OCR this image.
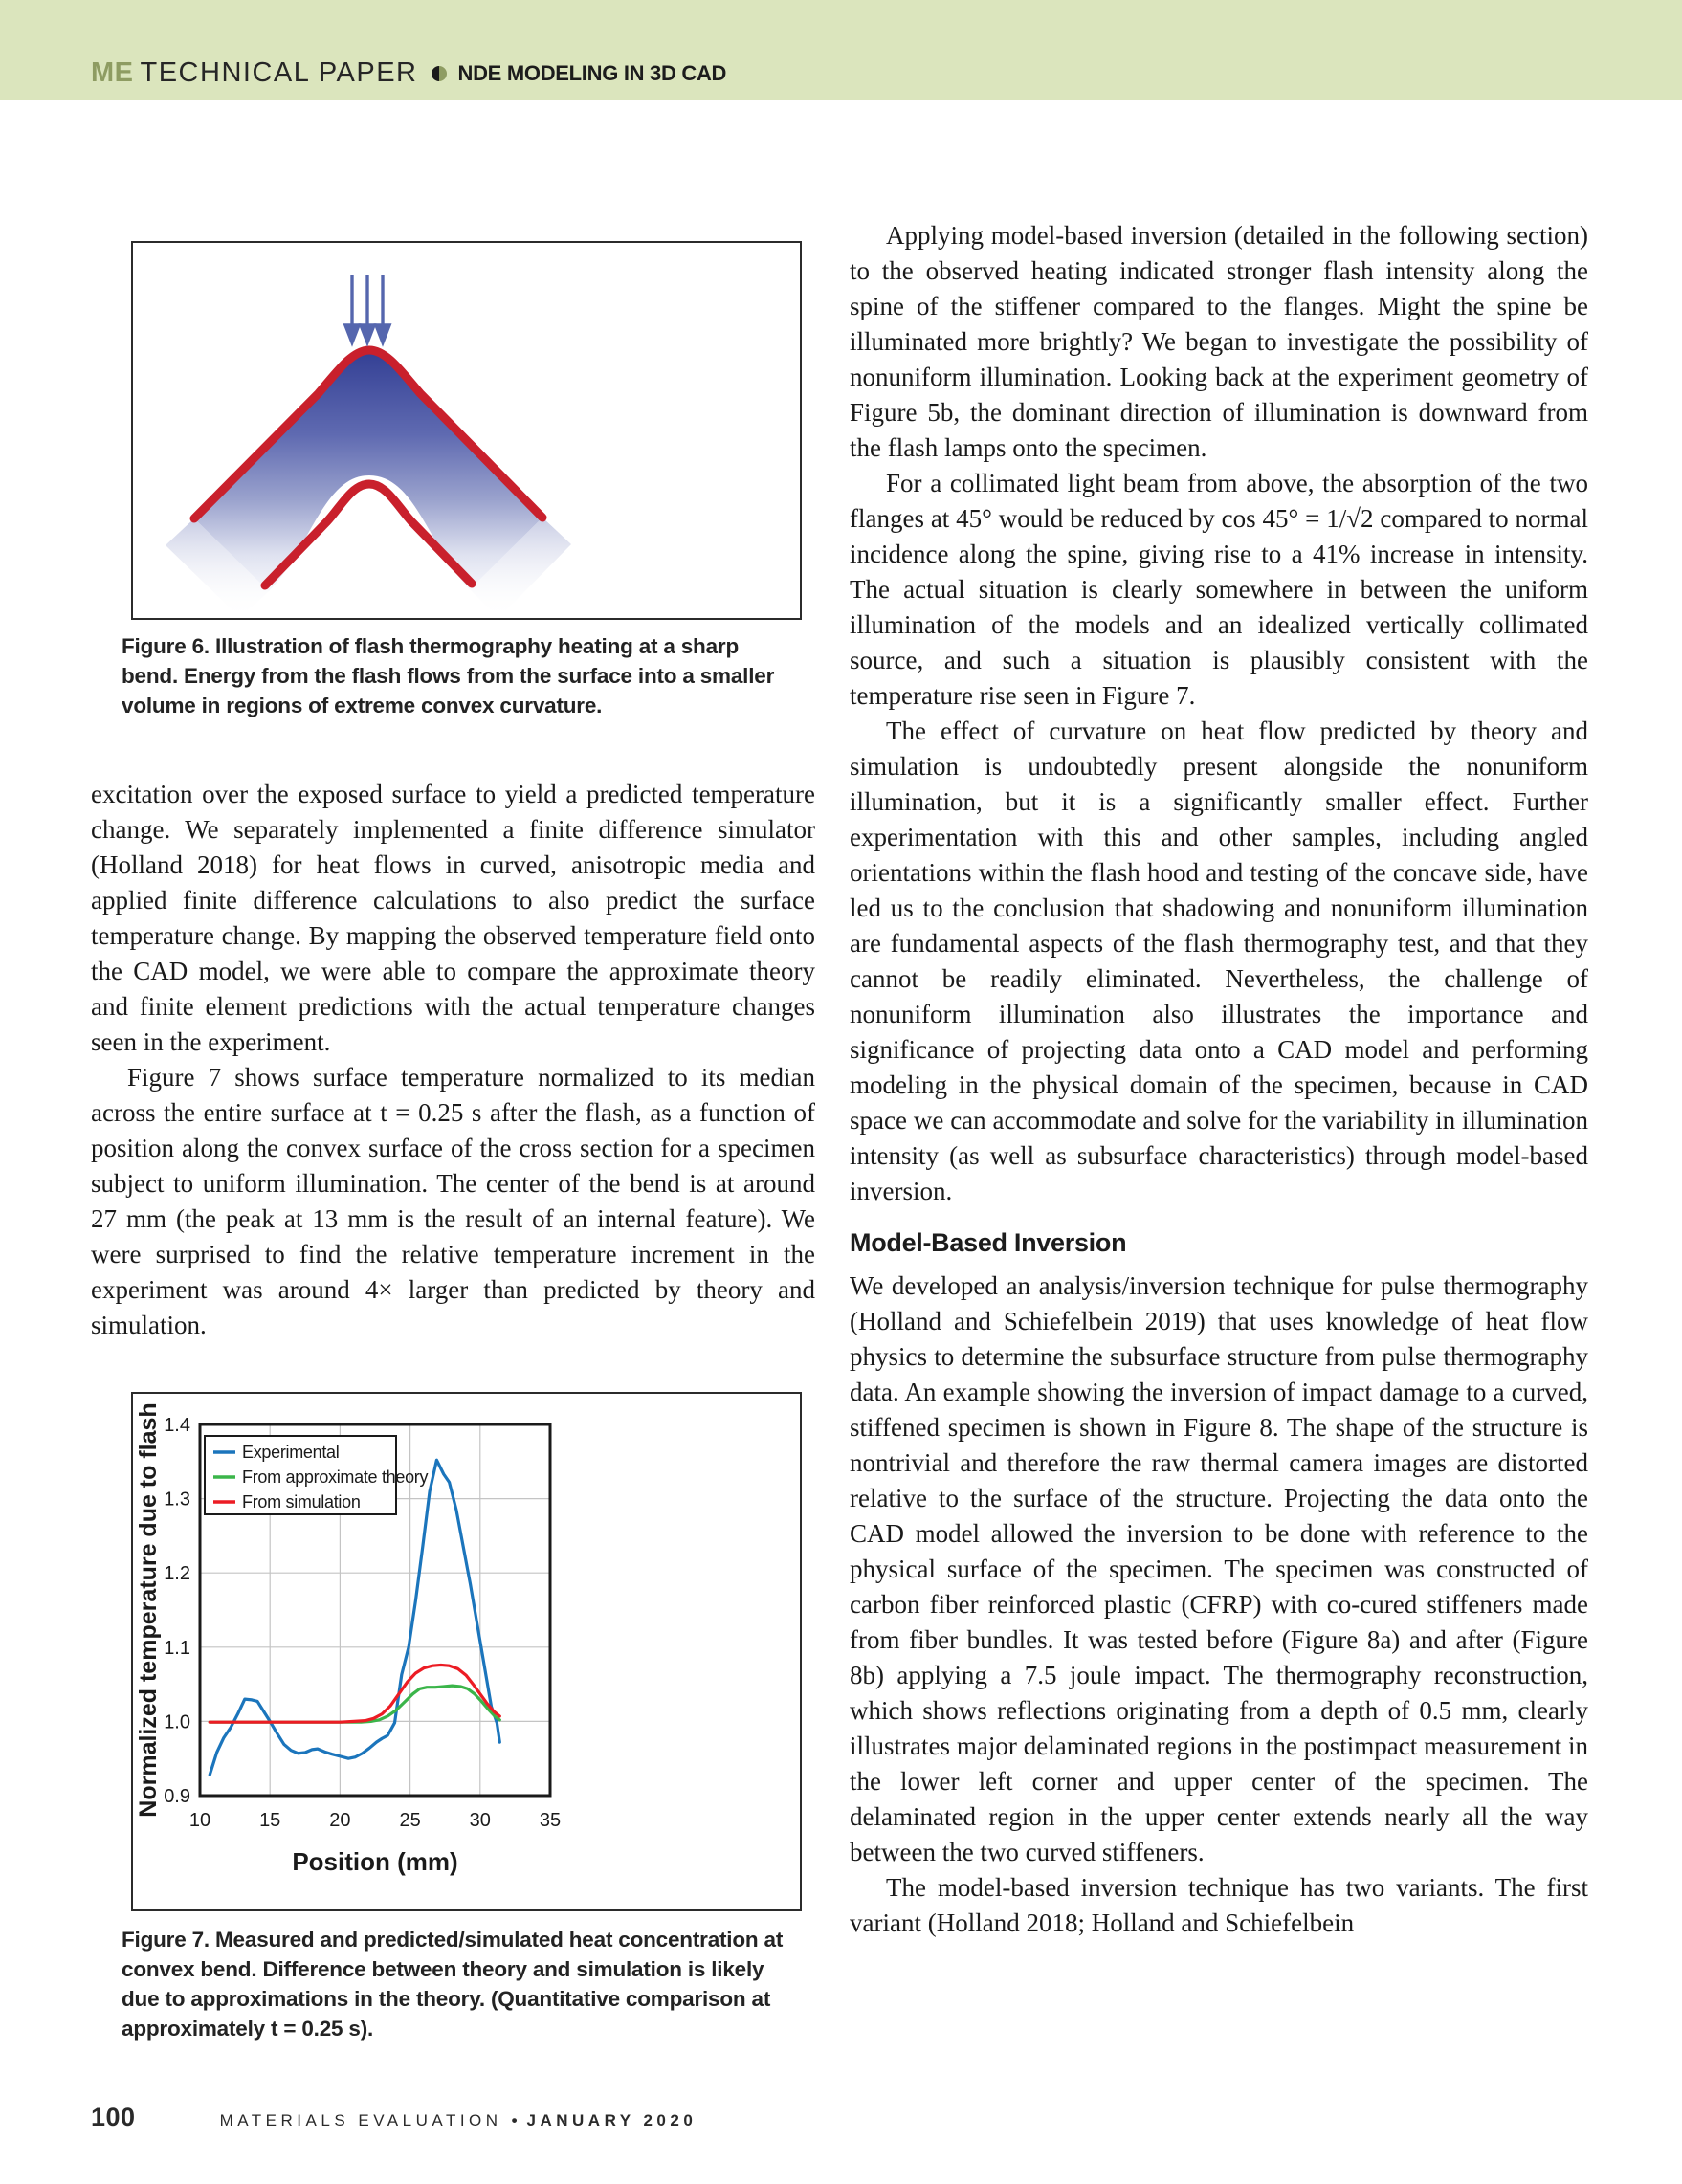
ME TECHNICAL PAPER NDE MODELING IN 3D CAD
Figure 6. Illustration of flash thermography heating at a sharp bend. Energy from the flash flows from the surface into a smaller volume in regions of extreme convex curvature.

excitation over the exposed surface to yield a predicted temperature change. We separately implemented a finite difference simulator (Holland 2018) for heat flows in curved, anisotropic media and applied finite difference calculations to also predict the surface temperature change. By mapping the observed temperature field onto the CAD model, we were able to compare the approximate theory and finite element predictions with the actual temperature changes seen in the experiment.

Figure 7 shows surface temperature normalized to its median across the entire surface at t = 0.25 s after the flash, as a function of position along the convex surface of the cross section for a specimen subject to uniform illumination. The center of the bend is at around 27 mm (the peak at 13 mm is the result of an internal feature). We were surprised to find the relative temperature increment in the experiment was around 4× larger than predicted by theory and simulation.

10	15	20	25	30	35
0.9
1.0
1.1
1.2
1.3
1.4
Position (mm)
Normalized temperature due to flash	Experimental
From approximate theory
From simulation
Figure 7. Measured and predicted/simulated heat concentration at convex bend. Difference between theory and simulation is likely due to approximations in the theory. (Quantitative comparison at approximately t = 0.25 s).

Applying model-based inversion (detailed in the following section) to the observed heating indicated stronger flash intensity along the spine of the stiffener compared to the flanges. Might the spine be illuminated more brightly? We began to investigate the possibility of nonuniform illumination. Looking back at the experiment geometry of Figure 5b, the dominant direction of illumination is downward from the flash lamps onto the specimen.

For a collimated light beam from above, the absorption of the two flanges at 45° would be reduced by cos 45° = 1/√2 compared to normal incidence along the spine, giving rise to a 41% increase in intensity. The actual situation is clearly somewhere in between the uniform illumination of the models and an idealized vertically collimated source, and such a situation is plausibly consistent with the temperature rise seen in Figure 7.

The effect of curvature on heat flow predicted by theory and simulation is undoubtedly present alongside the nonuniform illumination, but it is a significantly smaller effect. Further experimentation with this and other samples, including angled orientations within the flash hood and testing of the concave side, have led us to the conclusion that shadowing and nonuniform illumination are fundamental aspects of the flash thermography test, and that they cannot be readily eliminated. Nevertheless, the challenge of nonuniform illumination also illustrates the importance and significance of projecting data onto a CAD model and performing modeling in the physical domain of the specimen, because in CAD space we can accommodate and solve for the variability in illumination intensity (as well as subsurface characteristics) through model-based inversion.

Model-Based Inversion

We developed an analysis/inversion technique for pulse thermography (Holland and Schiefelbein 2019) that uses knowledge of heat flow physics to determine the subsurface structure from pulse thermography data. An example showing the inversion of impact damage to a curved, stiffened specimen is shown in Figure 8. The shape of the structure is nontrivial and therefore the raw thermal camera images are distorted relative to the surface of the structure. Projecting the data onto the CAD model allowed the inversion to be done with reference to the physical surface of the specimen. The specimen was constructed of carbon fiber reinforced plastic (CFRP) with co-cured stiffeners made from fiber bundles. It was tested before (Figure 8a) and after (Figure 8b) applying a 7.5 joule impact. The thermography reconstruction, which shows reflections originating from a depth of 0.5 mm, clearly illustrates major delaminated regions in the postimpact measurement in the lower left corner and upper center of the specimen. The delaminated region in the upper center extends nearly all the way between the two curved stiffeners.

The model-based inversion technique has two variants. The first variant (Holland 2018; Holland and Schiefelbein

100	MATERIALS EVALUATION • JANUARY 2020
